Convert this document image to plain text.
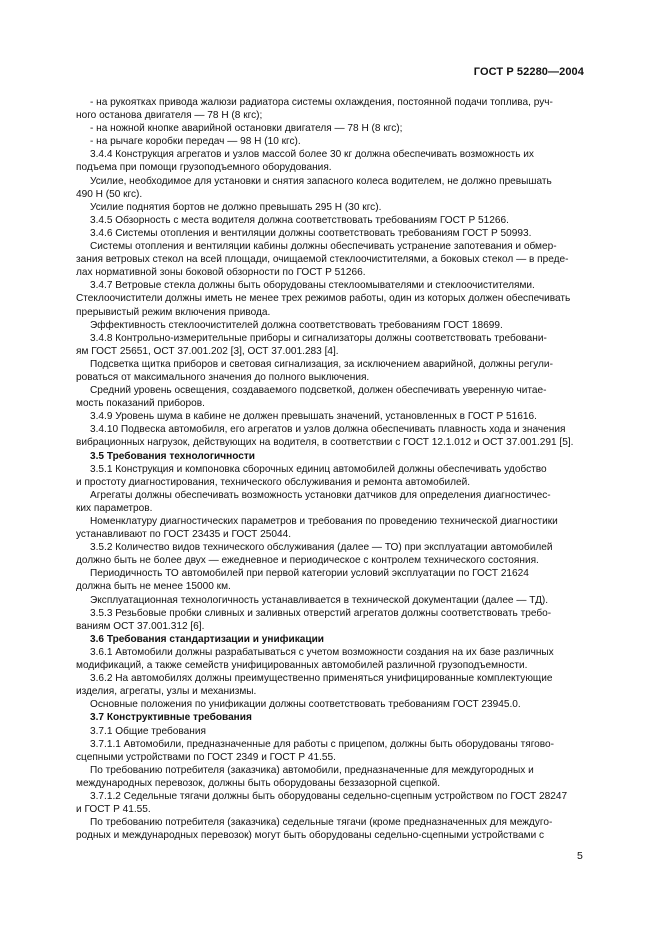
ГОСТ Р 52280—2004
- на рукоятках привода жалюзи радиатора системы охлаждения, постоянной подачи топлива, руч-
ного останова двигателя — 78 Н (8 кгс);
- на ножной кнопке аварийной остановки двигателя — 78 Н (8 кгс);
- на рычаге коробки передач — 98 Н (10 кгс).
3.4.4 Конструкция агрегатов и узлов массой более 30 кг должна обеспечивать возможность их
подъема при помощи грузоподъемного оборудования.
Усилие, необходимое для установки и снятия запасного колеса водителем, не должно превышать
490 Н (50 кгс).
Усилие поднятия бортов не должно превышать 295 Н (30 кгс).
3.4.5 Обзорность с места водителя должна соответствовать требованиям ГОСТ Р 51266.
3.4.6 Системы отопления и вентиляции должны соответствовать требованиям ГОСТ Р 50993.
Системы отопления и вентиляции кабины должны обеспечивать устранение запотевания и обмер-
зания ветровых стекол на всей площади, очищаемой стеклоочистителями, а боковых стекол — в преде-
лах нормативной зоны боковой обзорности по ГОСТ Р 51266.
3.4.7 Ветровые стекла должны быть оборудованы стеклоомывателями и стеклоочистителями.
Стеклоочистители должны иметь не менее трех режимов работы, один из которых должен обеспечивать
прерывистый режим включения привода.
Эффективность стеклоочистителей должна соответствовать требованиям ГОСТ 18699.
3.4.8 Контрольно-измерительные приборы и сигнализаторы должны соответствовать требовани-
ям ГОСТ 25651, ОСТ 37.001.202 [3], ОСТ 37.001.283 [4].
Подсветка щитка приборов и световая сигнализация, за исключением аварийной, должны регули-
роваться от максимального значения до полного выключения.
Средний уровень освещения, создаваемого подсветкой, должен обеспечивать уверенную читае-
мость показаний приборов.
3.4.9 Уровень шума в кабине не должен превышать значений, установленных в ГОСТ Р 51616.
3.4.10 Подвеска автомобиля, его агрегатов и узлов должна обеспечивать плавность хода и значения
вибрационных нагрузок, действующих на водителя, в соответствии с ГОСТ 12.1.012 и ОСТ 37.001.291 [5].
3.5 Требования технологичности
3.5.1 Конструкция и компоновка сборочных единиц автомобилей должны обеспечивать удобство
и простоту диагностирования, технического обслуживания и ремонта автомобилей.
Агрегаты должны обеспечивать возможность установки датчиков для определения диагностичес-
ких параметров.
Номенклатуру диагностических параметров и требования по проведению технической диагностики
устанавливают по ГОСТ 23435 и ГОСТ 25044.
3.5.2 Количество видов технического обслуживания (далее — ТО) при эксплуатации автомобилей
должно быть не более двух — ежедневное и периодическое с контролем технического состояния.
Периодичность ТО автомобилей при первой категории условий эксплуатации по ГОСТ 21624
должна быть не менее 15000 км.
Эксплуатационная технологичность устанавливается в технической документации (далее — ТД).
3.5.3 Резьбовые пробки сливных и заливных отверстий агрегатов должны соответствовать требо-
ваниям ОСТ 37.001.312 [6].
3.6 Требования стандартизации и унификации
3.6.1 Автомобили должны разрабатываться с учетом возможности создания на их базе различных
модификаций, а также семейств унифицированных автомобилей различной грузоподъемности.
3.6.2 На автомобилях должны преимущественно применяться унифицированные комплектующие
изделия, агрегаты, узлы и механизмы.
Основные положения по унификации должны соответствовать требованиям ГОСТ 23945.0.
3.7 Конструктивные требования
3.7.1 Общие требования
3.7.1.1 Автомобили, предназначенные для работы с прицепом, должны быть оборудованы тягово-
сцепными устройствами по ГОСТ 2349 и ГОСТ Р 41.55.
По требованию потребителя (заказчика) автомобили, предназначенные для междугородных и
международных перевозок, должны быть оборудованы беззазорной сцепкой.
3.7.1.2 Седельные тягачи должны быть оборудованы седельно-сцепным устройством по ГОСТ 28247
и ГОСТ Р 41.55.
По требованию потребителя (заказчика) седельные тягачи (кроме предназначенных для междуго-
родных и международных перевозок) могут быть оборудованы седельно-сцепными устройствами с
5
